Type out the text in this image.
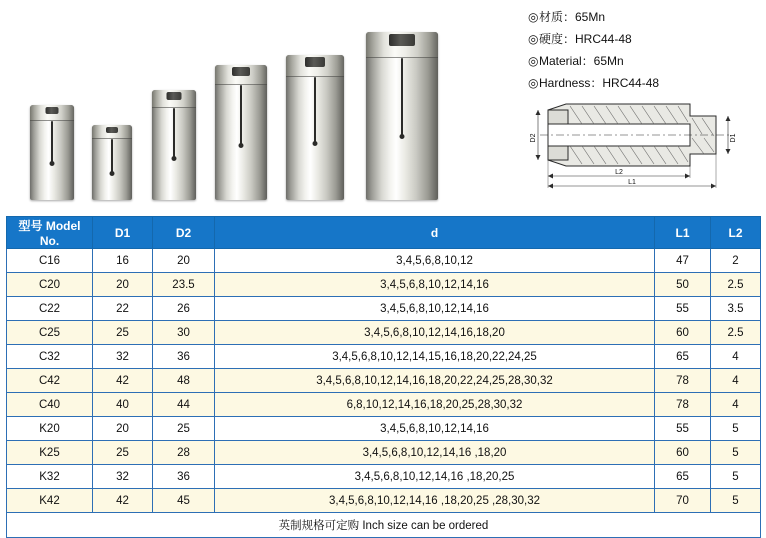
◎材质：65Mn
◎硬度：HRC44-48
◎Material：65Mn
◎Hardness：HRC44-48
D2	D1
L2
L1
型号 Model No.	D1	D2	d	L1	L2
C16	16	20	3,4,5,6,8,10,12	47	2
C20	20	23.5	3,4,5,6,8,10,12,14,16	50	2.5
C22	22	26	3,4,5,6,8,10,12,14,16	55	3.5
C25	25	30	3,4,5,6,8,10,12,14,16,18,20	60	2.5
C32	32	36	3,4,5,6,8,10,12,14,15,16,18,20,22,24,25	65	4
C42	42	48	3,4,5,6,8,10,12,14,16,18,20,22,24,25,28,30,32	78	4
C40	40	44	6,8,10,12,14,16,18,20,25,28,30,32	78	4
K20	20	25	3,4,5,6,8,10,12,14,16	55	5
K25	25	28	3,4,5,6,8,10,12,14,16 ,18,20	60	5
K32	32	36	3,4,5,6,8,10,12,14,16 ,18,20,25	65	5
K42	42	45	3,4,5,6,8,10,12,14,16 ,18,20,25 ,28,30,32	70	5
英制规格可定购 Inch size can be ordered					
